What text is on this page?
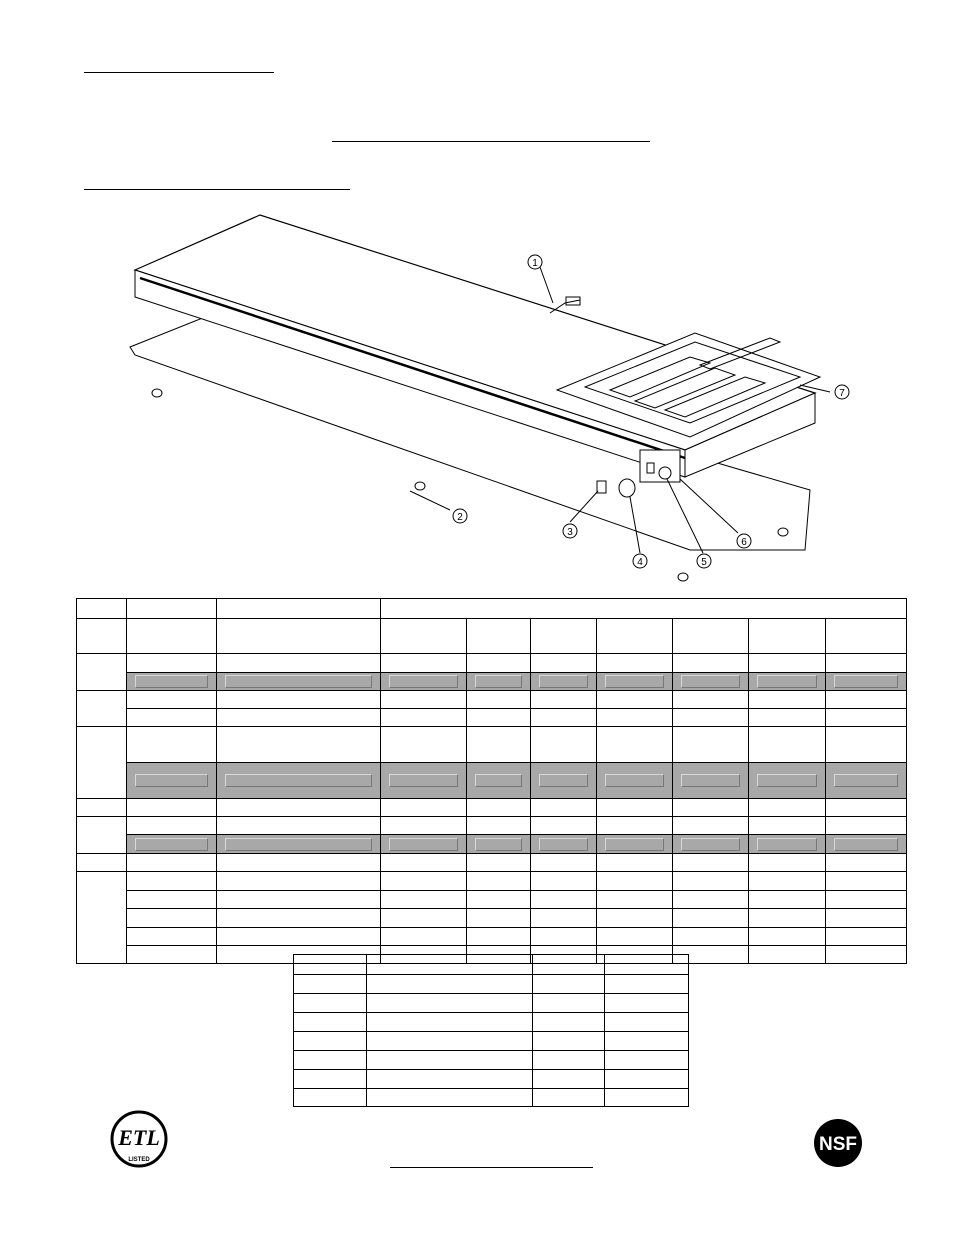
1
2
3
4	5
6
7

ETL
LISTED
NSF
